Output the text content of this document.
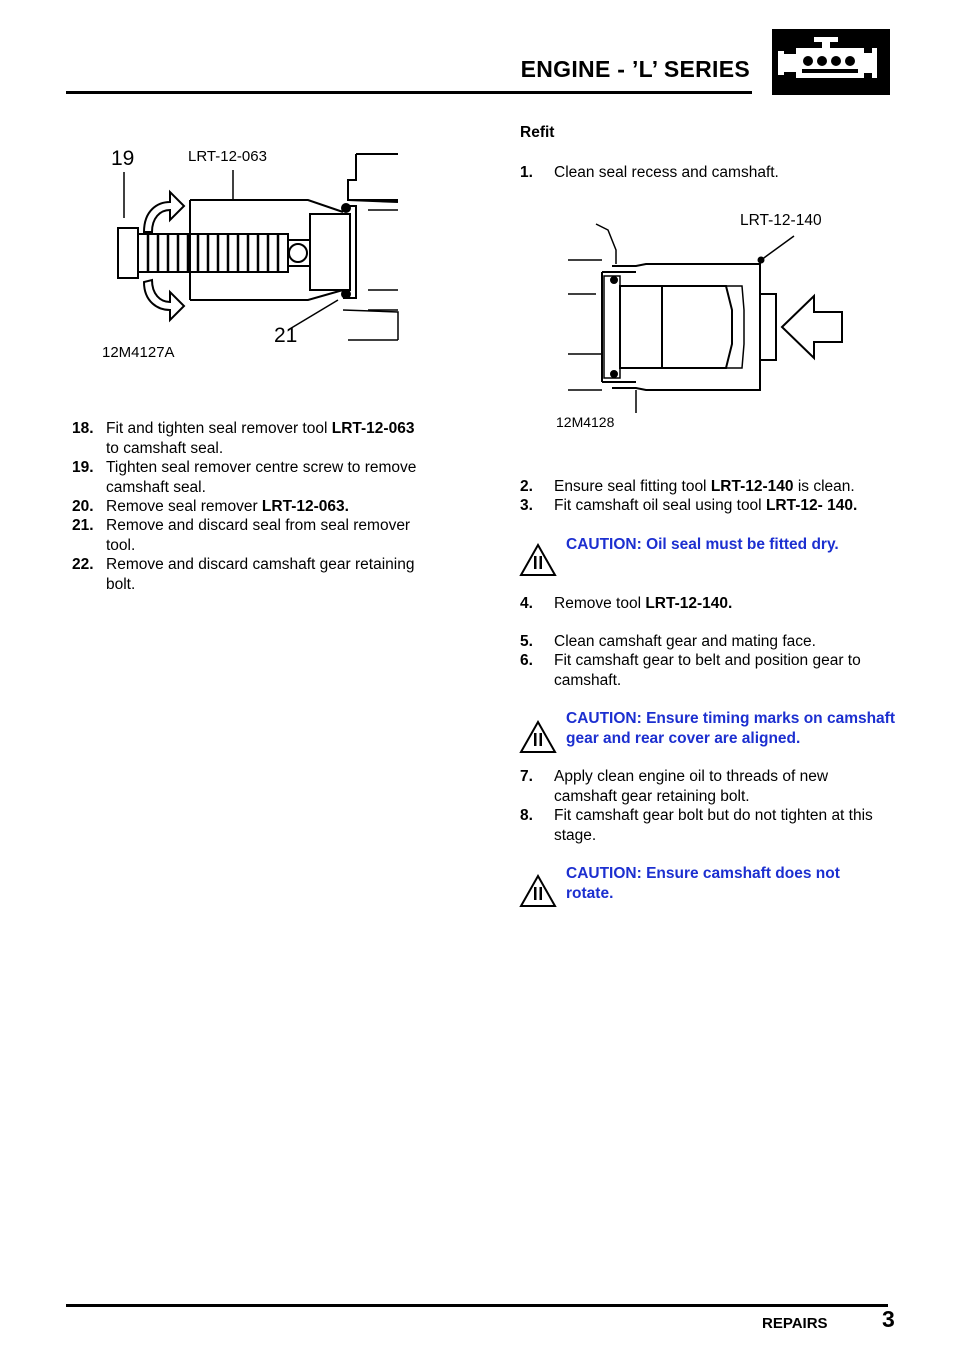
ENGINE - ’L’ SERIES
19	LRT-12-063
21
12M4127A
18. Fit and tighten seal remover tool LRT-12-063
to camshaft seal.
19. Tighten seal remover centre screw to remove camshaft seal.
20. Remove seal remover LRT-12-063.
21. Remove and discard seal from seal remover tool.
22. Remove and discard camshaft gear retaining bolt.
Refit
1. Clean seal recess and camshaft.
LRT-12-140
12M4128
2. Ensure seal fitting tool LRT-12-140 is clean.
3. Fit camshaft oil seal using tool LRT-12- 140.
CAUTION: Oil seal must be fitted dry.
4. Remove tool LRT-12-140.
5. Clean camshaft gear and mating face.
6. Fit camshaft gear to belt and position gear to camshaft.
CAUTION: Ensure timing marks on camshaft gear and rear cover are aligned.
7. Apply clean engine oil to threads of new camshaft gear retaining bolt.
8. Fit camshaft gear bolt but do not tighten at this stage.
CAUTION: Ensure camshaft does not rotate.
REPAIRS 3
